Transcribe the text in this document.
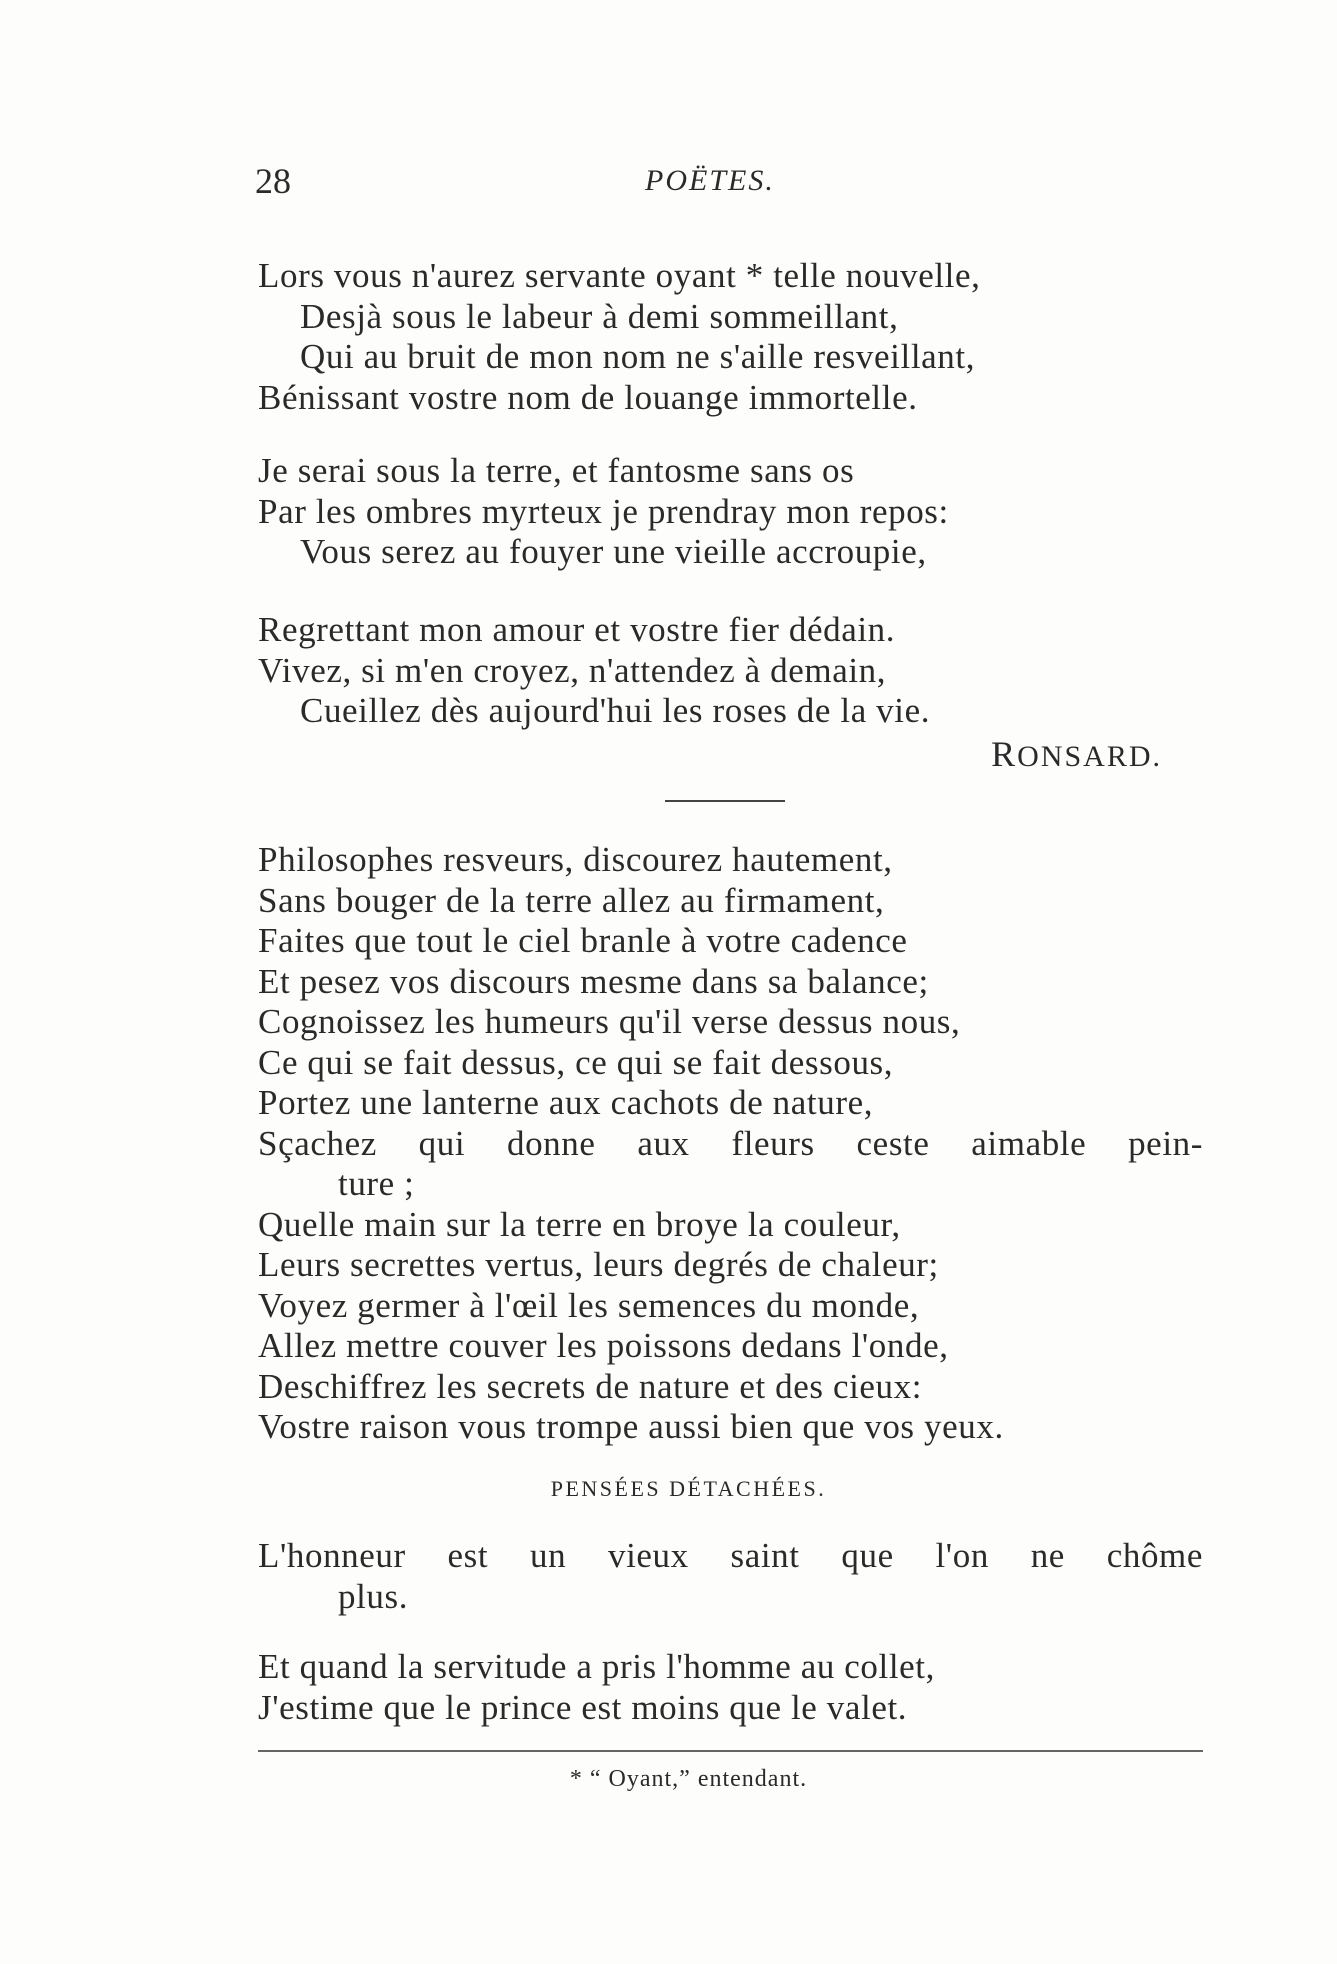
28	POËTES.
Lors vous n'aurez servante oyant * telle nouvelle,
Desjà sous le labeur à demi sommeillant,
Qui au bruit de mon nom ne s'aille resveillant,
Bénissant vostre nom de louange immortelle.
Je serai sous la terre, et fantosme sans os
Par les ombres myrteux je prendray mon repos:
Vous serez au fouyer une vieille accroupie,
Regrettant mon amour et vostre fier dédain.
Vivez, si m'en croyez, n'attendez à demain,
Cueillez dès aujourd'hui les roses de la vie.
RONSARD.
Philosophes resveurs, discourez hautement,
Sans bouger de la terre allez au firmament,
Faites que tout le ciel branle à votre cadence
Et pesez vos discours mesme dans sa balance;
Cognoissez les humeurs qu'il verse dessus nous,
Ce qui se fait dessus, ce qui se fait dessous,
Portez une lanterne aux cachots de nature,
Sçachez qui donne aux fleurs ceste aimable pein-
ture ;
Quelle main sur la terre en broye la couleur,
Leurs secrettes vertus, leurs degrés de chaleur;
Voyez germer à l'œil les semences du monde,
Allez mettre couver les poissons dedans l'onde,
Deschiffrez les secrets de nature et des cieux:
Vostre raison vous trompe aussi bien que vos yeux.
PENSÉES DÉTACHÉES.
L'honneur est un vieux saint que l'on ne chôme
plus.
Et quand la servitude a pris l'homme au collet,
J'estime que le prince est moins que le valet.
* “ Oyant,” entendant.
